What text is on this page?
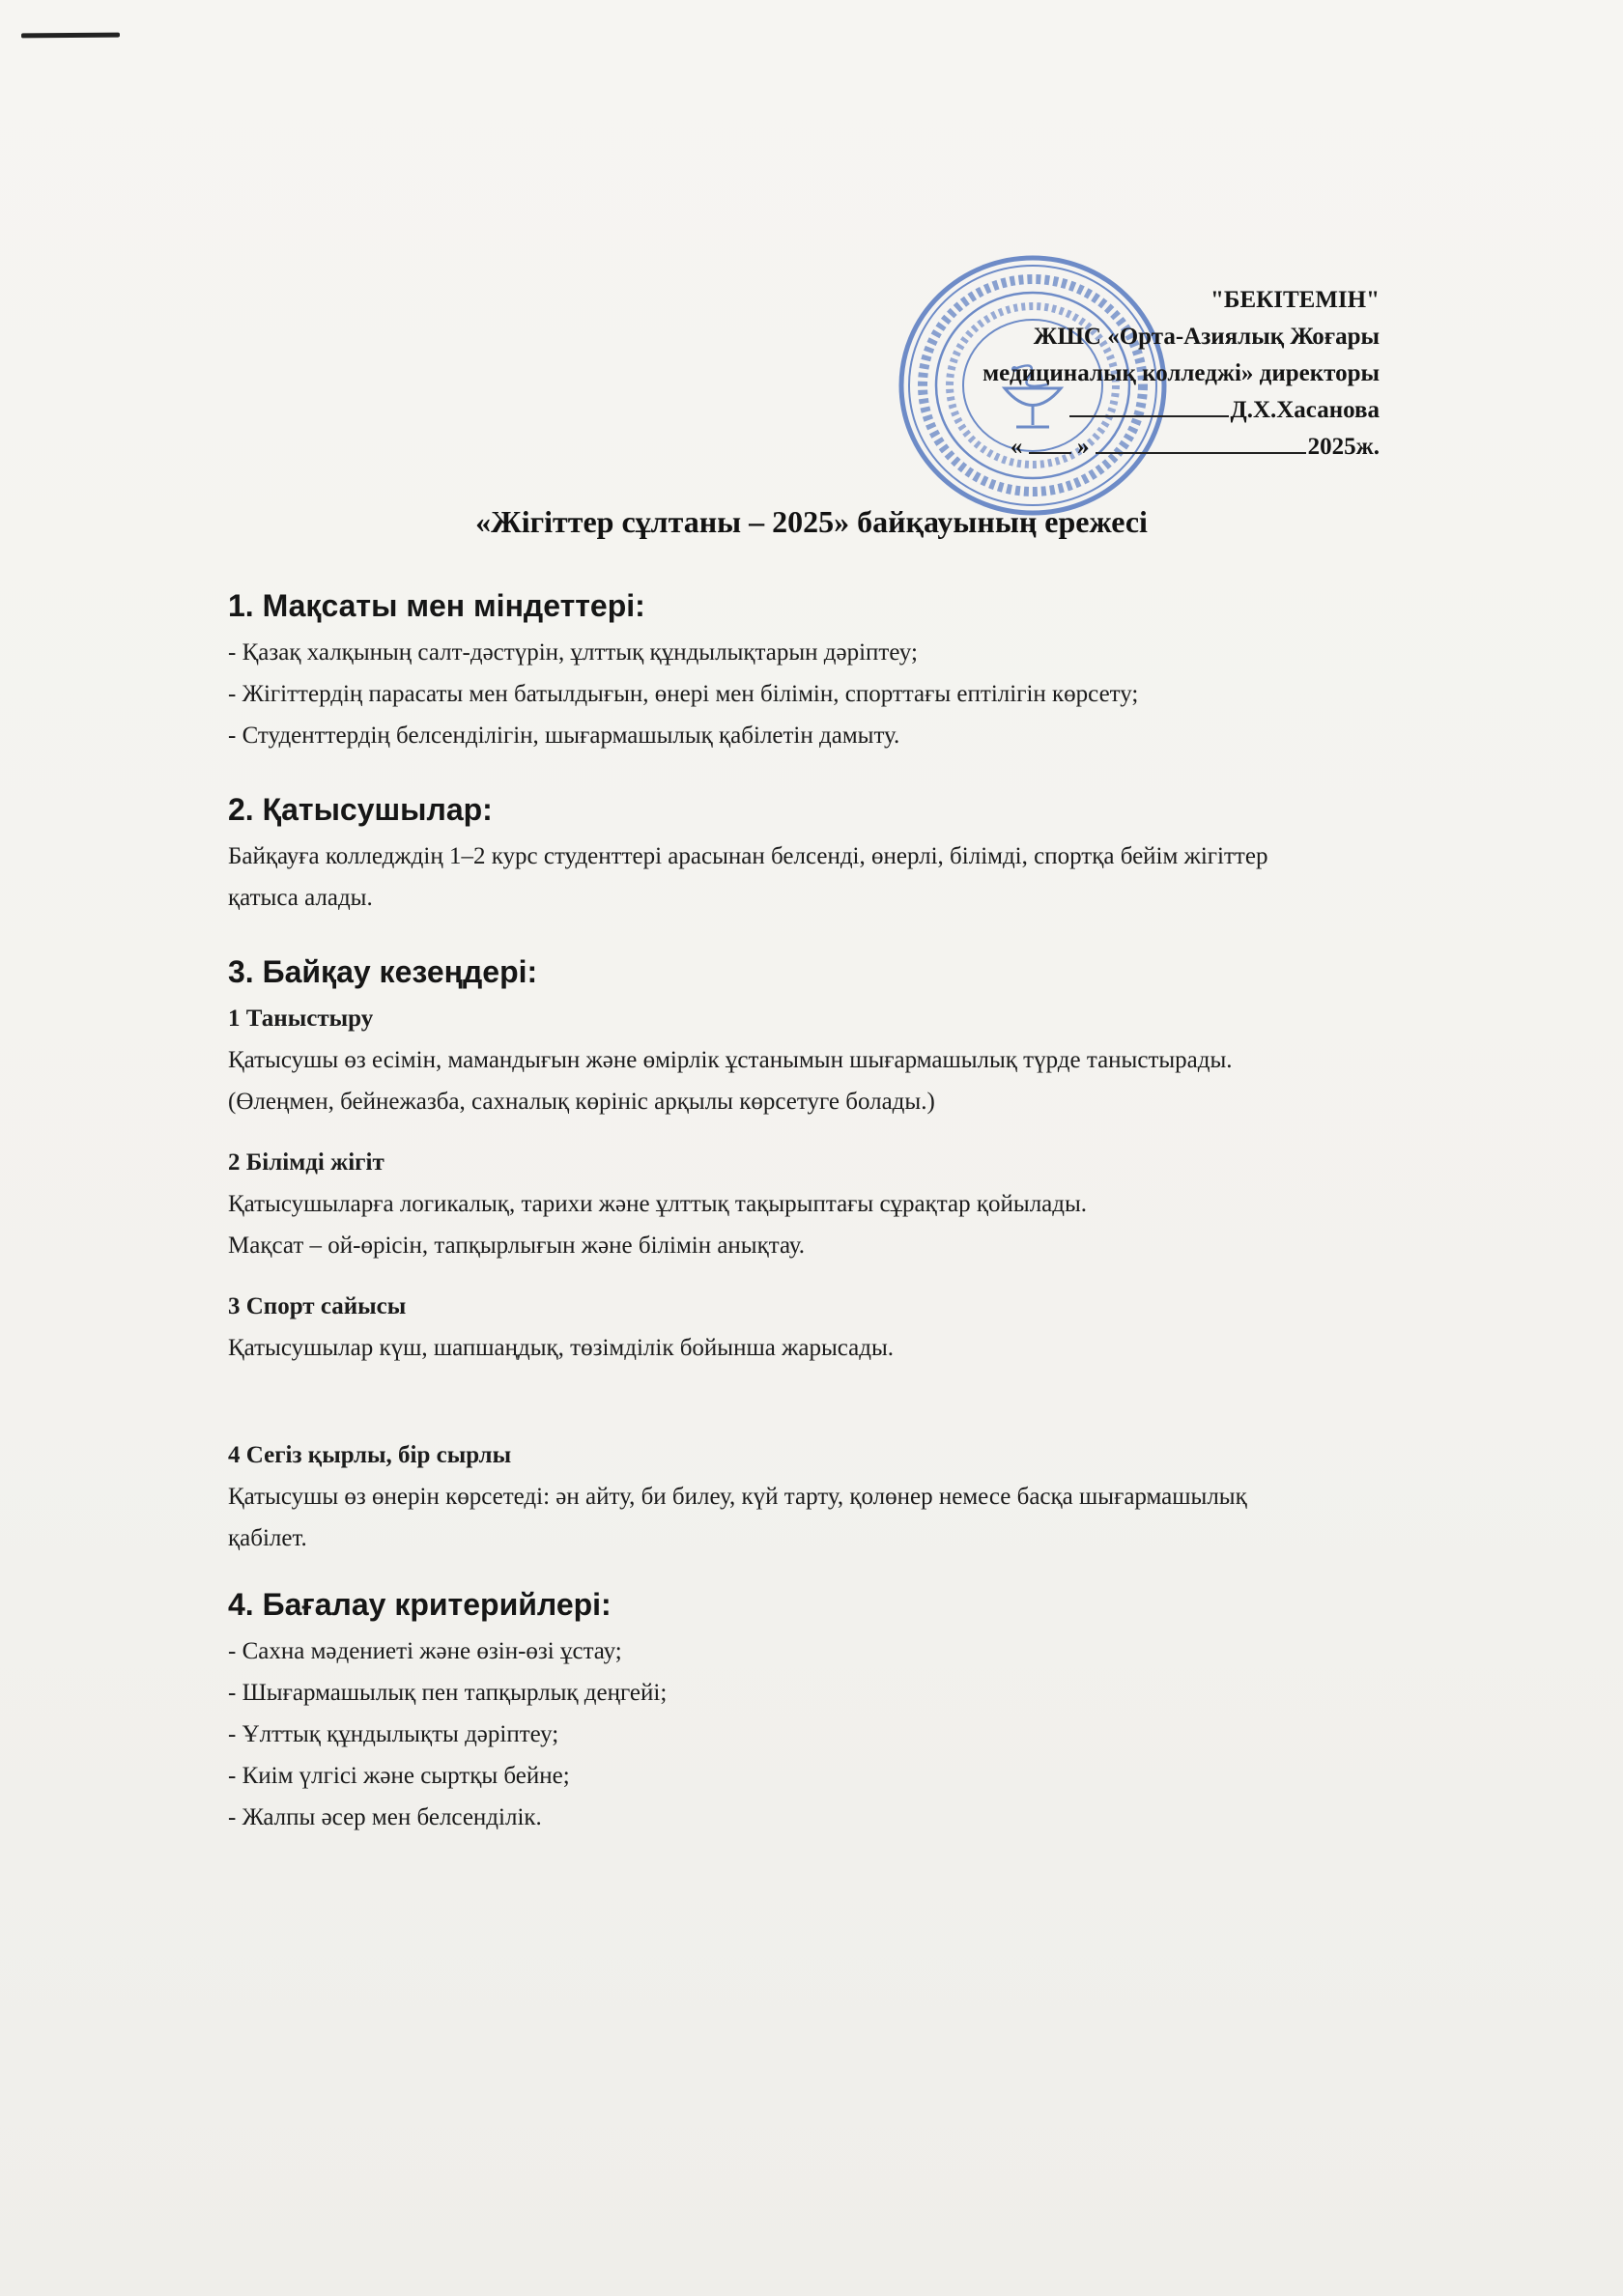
"БЕКІТЕМІН"
ЖШС «Орта-Азиялық Жоғары
медициналық колледжі» директоры
Д.Х.Хасанова
« »	2025ж.
«Жігіттер сұлтаны – 2025» байқауының ережесі
1. Мақсаты мен міндеттері:

- Қазақ халқының салт-дәстүрін, ұлттық құндылықтарын дәріптеу;

- Жігіттердің парасаты мен батылдығын, өнері мен білімін, спорттағы ептілігін көрсету;

- Студенттердің белсенділігін, шығармашылық қабілетін дамыту.

2. Қатысушылар:

Байқауға колледждің 1–2 курс студенттері арасынан белсенді, өнерлі, білімді, спортқа бейім жігіттер қатыса алады.

3. Байқау кезеңдері:

1 Таныстыру

Қатысушы өз есімін, мамандығын және өмірлік ұстанымын шығармашылық түрде таныстырады.

(Өлеңмен, бейнежазба, сахналық көрініс арқылы көрсетуге болады.)

2 Білімді жігіт

Қатысушыларға логикалық, тарихи және ұлттық тақырыптағы сұрақтар қойылады.

Мақсат – ой-өрісін, тапқырлығын және білімін анықтау.

3 Спорт сайысы

Қатысушылар күш, шапшаңдық, төзімділік бойынша жарысады.

4 Сегіз қырлы, бір сырлы

Қатысушы өз өнерін көрсетеді: ән айту, би билеу, күй тарту, қолөнер немесе басқа шығармашылық қабілет.

4. Бағалау критерийлері:

- Сахна мәдениеті және өзін-өзі ұстау;

- Шығармашылық пен тапқырлық деңгейі;

- Ұлттық құндылықты дәріптеу;

- Киім үлгісі және сыртқы бейне;

- Жалпы әсер мен белсенділік.
